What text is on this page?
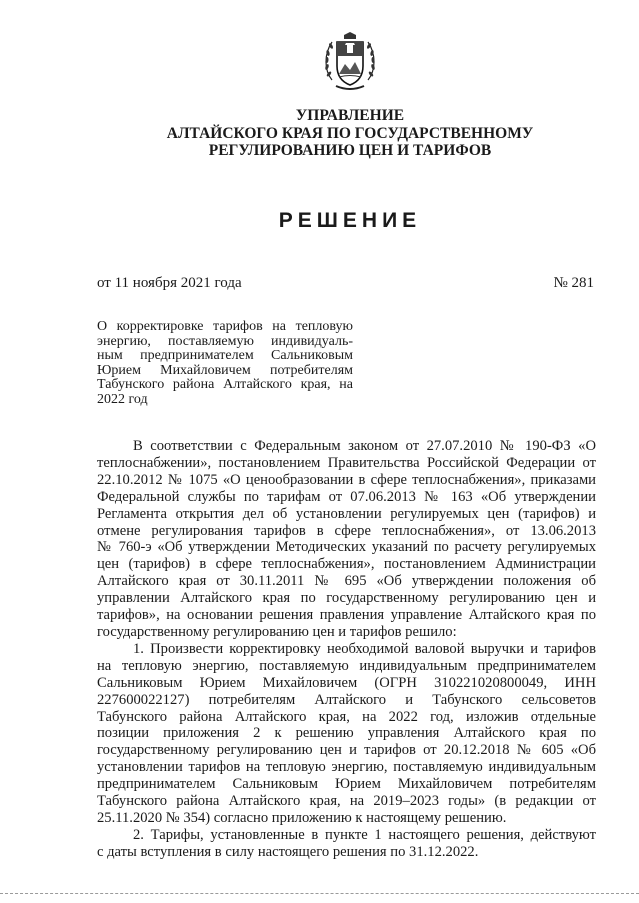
УПРАВЛЕНИЕ
АЛТАЙСКОГО КРАЯ ПО ГОСУДАРСТВЕННОМУ
РЕГУЛИРОВАНИЮ ЦЕН И ТАРИФОВ
РЕШЕНИЕ
от 11 ноября 2021 года	№ 281
О корректировке тарифов на тепловую
энергию, поставляемую индивидуаль-
ным предпринимателем Сальниковым
Юрием Михайловичем потребителям
Табунского района Алтайского края, на
2022 год
В соответствии с Федеральным законом от 27.07.2010 № 190-ФЗ «О
теплоснабжении», постановлением Правительства Российской Федерации от
22.10.2012 № 1075 «О ценообразовании в сфере теплоснабжения», приказами
Федеральной службы по тарифам от 07.06.2013 № 163 «Об утверждении
Регламента открытия дел об установлении регулируемых цен (тарифов) и
отмене регулирования тарифов в сфере теплоснабжения», от 13.06.2013
№ 760-э «Об утверждении Методических указаний по расчету регулируемых
цен (тарифов) в сфере теплоснабжения», постановлением Администрации
Алтайского края от 30.11.2011 № 695 «Об утверждении положения об
управлении Алтайского края по государственному регулированию цен и
тарифов», на основании решения правления управление Алтайского края по
государственному регулированию цен и тарифов решило:
1. Произвести корректировку необходимой валовой выручки и тарифов
на тепловую энергию, поставляемую индивидуальным предпринимателем
Сальниковым Юрием Михайловичем (ОГРН 310221020800049, ИНН
227600022127) потребителям Алтайского и Табунского сельсоветов
Табунского района Алтайского края, на 2022 год, изложив отдельные
позиции приложения 2 к решению управления Алтайского края по
государственному регулированию цен и тарифов от 20.12.2018 № 605 «Об
установлении тарифов на тепловую энергию, поставляемую индивидуальным
предпринимателем Сальниковым Юрием Михайловичем потребителям
Табунского района Алтайского края, на 2019–2023 годы» (в редакции от
25.11.2020 № 354) согласно приложению к настоящему решению.
2. Тарифы, установленные в пункте 1 настоящего решения, действуют
с даты вступления в силу настоящего решения по 31.12.2022.
